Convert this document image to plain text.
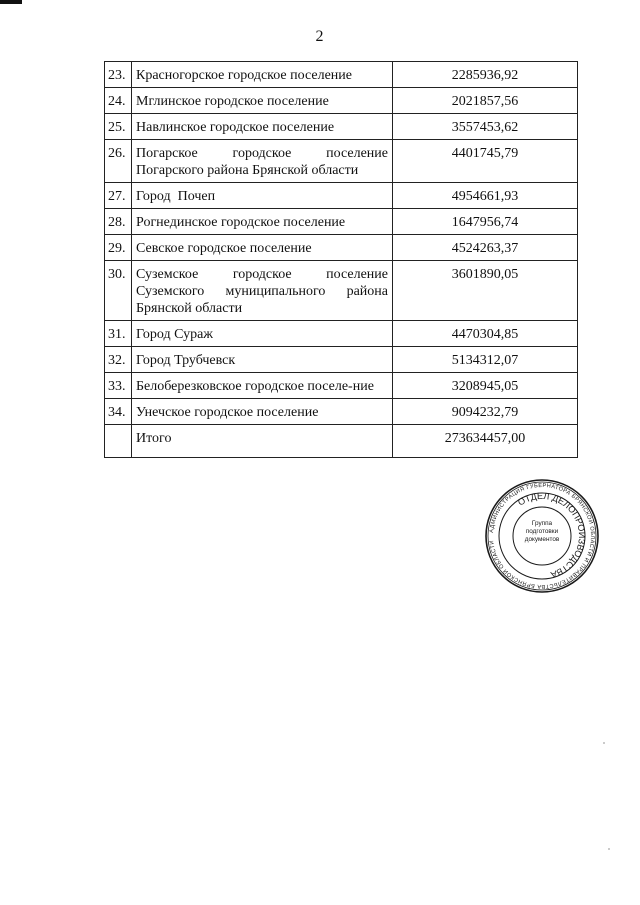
2
23.	Красногорское городское поселение	2285936,92
24.	Мглинское городское поселение	2021857,56
25.	Навлинское городское поселение	3557453,62
26.	Погарское городское поселение Погарского района Брянской области	4401745,79
27.	Город  Почеп	4954661,93
28.	Рогнединское городское поселение	1647956,74
29.	Севское городское поселение	4524263,37
30.	Суземское городское поселение Суземского муниципального района Брянской области	3601890,05
31.	Город Сураж	4470304,85
32.	Город Трубчевск	5134312,07
33.	Белоберезковское городское поселе-ние	3208945,05
34.	Унечское городское поселение	9094232,79
	Итого	273634457,00
АДМИНИСТРАЦИЯ ГУБЕРНАТОРА БРЯНСКОЙ ОБЛАСТИ И ПРАВИТЕЛЬСТВА БРЯНСКОЙ ОБЛАСТИ
ОТДЕЛ ДЕЛОПРОИЗВОДСТВА
Группа подготовки документов
